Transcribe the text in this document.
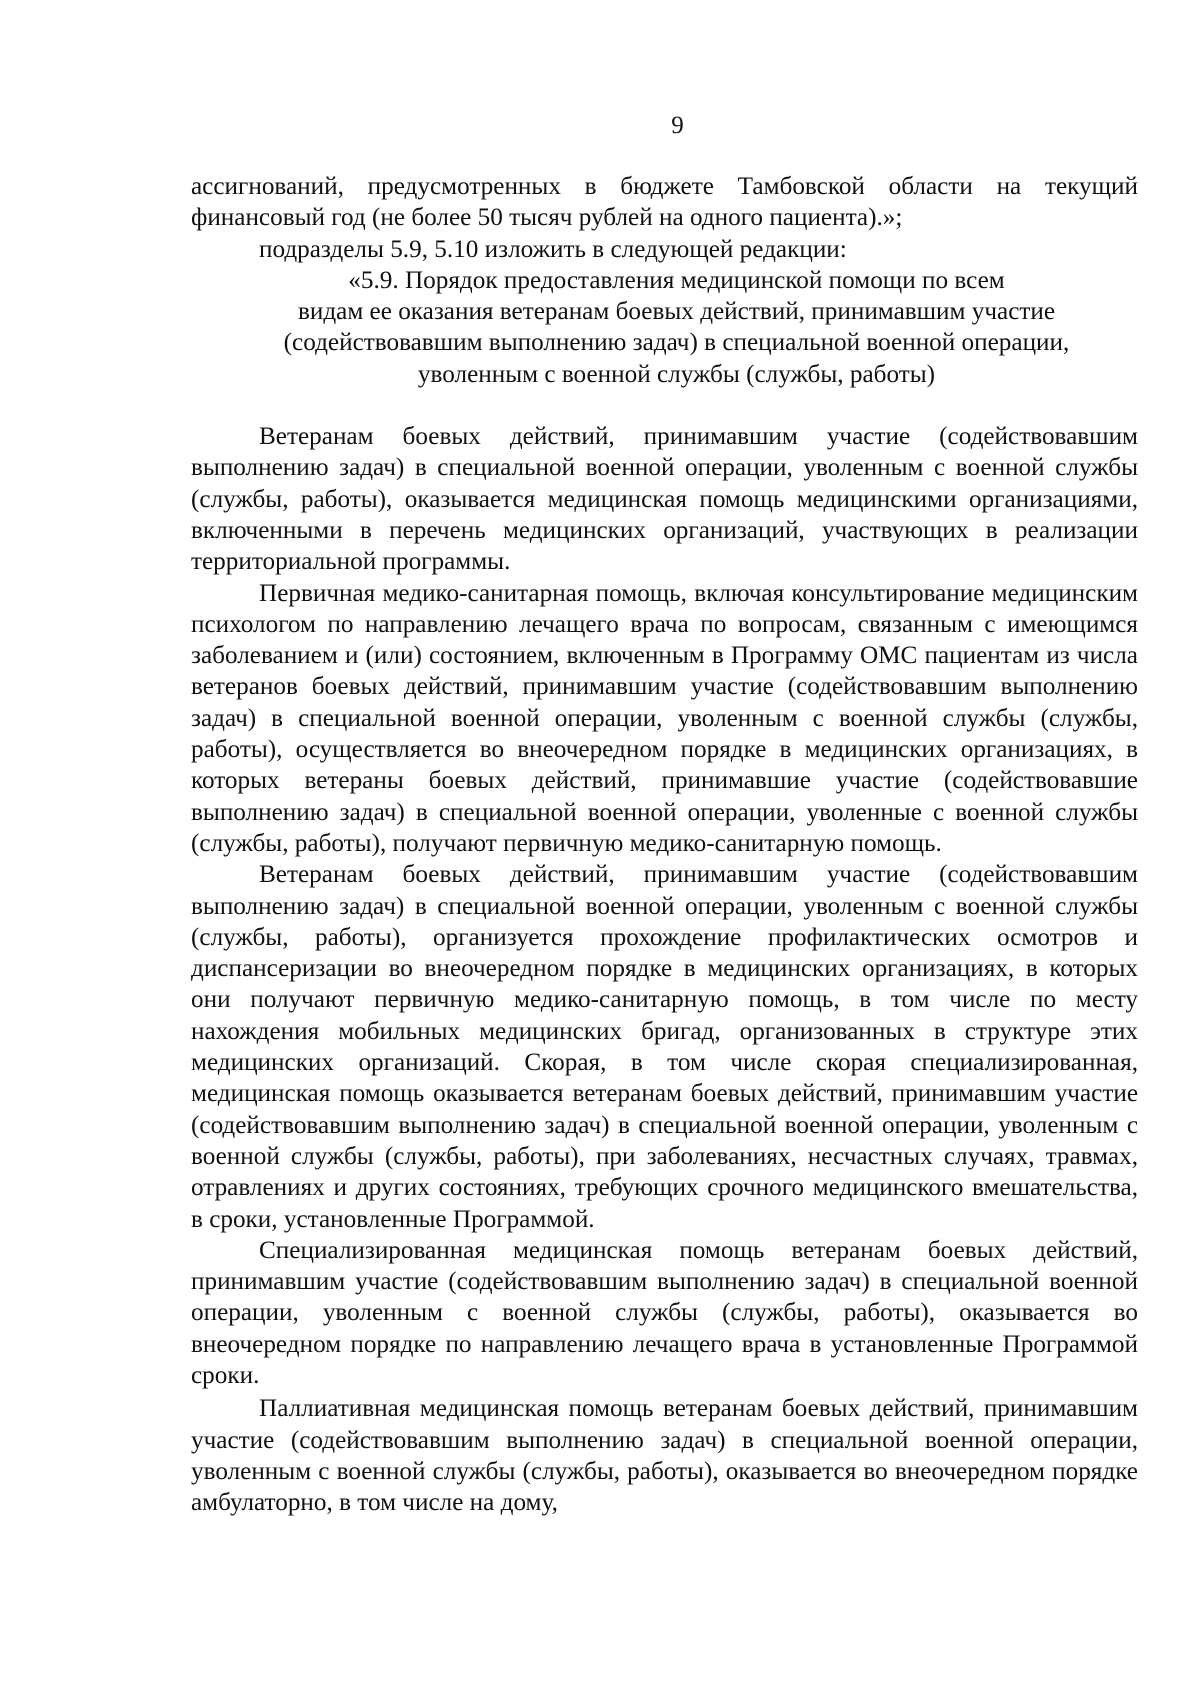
9

ассигнований, предусмотренных в бюджете Тамбовской области на текущий финансовый год (не более 50 тысяч рублей на одного пациента).»;

подразделы 5.9, 5.10 изложить в следующей редакции:

«5.9. Порядок предоставления медицинской помощи по всем
видам ее оказания ветеранам боевых действий, принимавшим участие
(содействовавшим выполнению задач) в специальной военной операции,
уволенным с военной службы (службы, работы)

Ветеранам боевых действий, принимавшим участие (содействовавшим выполнению задач) в специальной военной операции, уволенным с военной службы (службы, работы), оказывается медицинская помощь медицинскими организациями, включенными в перечень медицинских организаций, участвующих в реализации территориальной программы.

Первичная медико-санитарная помощь, включая консультирование медицинским психологом по направлению лечащего врача по вопросам, связанным с имеющимся заболеванием и (или) состоянием, включенным в Программу ОМС пациентам из числа ветеранов боевых действий, принимавшим участие (содействовавшим выполнению задач) в специальной военной операции, уволенным с военной службы (службы, работы), осуществляется во внеочередном порядке в медицинских организациях, в которых ветераны боевых действий, принимавшие участие (содействовавшие выполнению задач) в специальной военной операции, уволенные с военной службы (службы, работы), получают первичную медико-санитарную помощь.

Ветеранам боевых действий, принимавшим участие (содействовавшим выполнению задач) в специальной военной операции, уволенным с военной службы (службы, работы), организуется прохождение профилактических осмотров и диспансеризации во внеочередном порядке в медицинских организациях, в которых они получают первичную медико-санитарную помощь, в том числе по месту нахождения мобильных медицинских бригад, организованных в структуре этих медицинских организаций. Скорая, в том числе скорая специализированная, медицинская помощь оказывается ветеранам боевых действий, принимавшим участие (содействовавшим выполнению задач) в специальной военной операции, уволенным с военной службы (службы, работы), при заболеваниях, несчастных случаях, травмах, отравлениях и других состояниях, требующих срочного медицинского вмешательства, в сроки, установленные Программой.

Специализированная медицинская помощь ветеранам боевых действий, принимавшим участие (содействовавшим выполнению задач) в специальной военной операции, уволенным с военной службы (службы, работы), оказывается во внеочередном порядке по направлению лечащего врача в установленные Программой сроки.

Паллиативная медицинская помощь ветеранам боевых действий, принимавшим участие (содействовавшим выполнению задач) в специальной военной операции, уволенным с военной службы (службы, работы), оказывается во внеочередном порядке амбулаторно, в том числе на дому,
